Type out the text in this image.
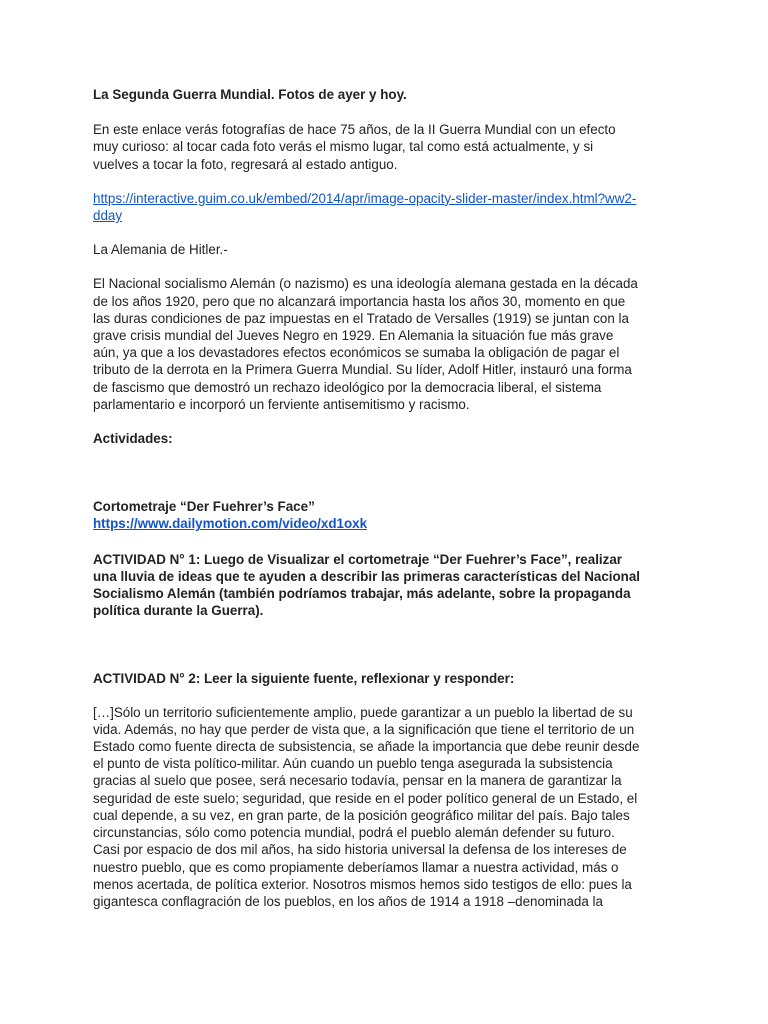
La Segunda Guerra Mundial. Fotos de ayer y hoy.

En este enlace verás fotografías de hace 75 años, de la II Guerra Mundial con un efecto
muy curioso: al tocar cada foto verás el mismo lugar, tal como está actualmente, y si
vuelves a tocar la foto, regresará al estado antiguo.

https://interactive.guim.co.uk/embed/2014/apr/image-opacity-slider-master/index.html?ww2-
dday

La Alemania de Hitler.-

El Nacional socialismo Alemán (o nazismo) es una ideología alemana gestada en la década
de los años 1920, pero que no alcanzará importancia hasta los años 30, momento en que
las duras condiciones de paz impuestas en el Tratado de Versalles (1919) se juntan con la
grave crisis mundial del Jueves Negro en 1929. En Alemania la situación fue más grave
aún, ya que a los devastadores efectos económicos se sumaba la obligación de pagar el
tributo de la derrota en la Primera Guerra Mundial. Su líder, Adolf Hitler, instauró una forma
de fascismo que demostró un rechazo ideológico por la democracia liberal, el sistema
parlamentario e incorporó un ferviente antisemitismo y racismo.

Actividades:

Cortometraje “Der Fuehrer’s Face”

https://www.dailymotion.com/video/xd1oxk

ACTIVIDAD N° 1: Luego de Visualizar el cortometraje “Der Fuehrer’s Face”, realizar
una lluvia de ideas que te ayuden a describir las primeras características del Nacional
Socialismo Alemán (también podríamos trabajar, más adelante, sobre la propaganda
política durante la Guerra).

ACTIVIDAD N° 2: Leer la siguiente fuente, reflexionar y responder:

[…]Sólo un territorio suficientemente amplio, puede garantizar a un pueblo la libertad de su
vida. Además, no hay que perder de vista que, a la significación que tiene el territorio de un
Estado como fuente directa de subsistencia, se añade la importancia que debe reunir desde
el punto de vista político-militar. Aún cuando un pueblo tenga asegurada la subsistencia
gracias al suelo que posee, será necesario todavía, pensar en la manera de garantizar la
seguridad de este suelo; seguridad, que reside en el poder político general de un Estado, el
cual depende, a su vez, en gran parte, de la posición geográfico militar del país. Bajo tales
circunstancias, sólo como potencia mundial, podrá el pueblo alemán defender su futuro.
Casi por espacio de dos mil años, ha sido historia universal la defensa de los intereses de
nuestro pueblo, que es como propiamente deberíamos llamar a nuestra actividad, más o
menos acertada, de política exterior. Nosotros mismos hemos sido testigos de ello: pues la
gigantesca conflagración de los pueblos, en los años de 1914 a 1918 –denominada la
